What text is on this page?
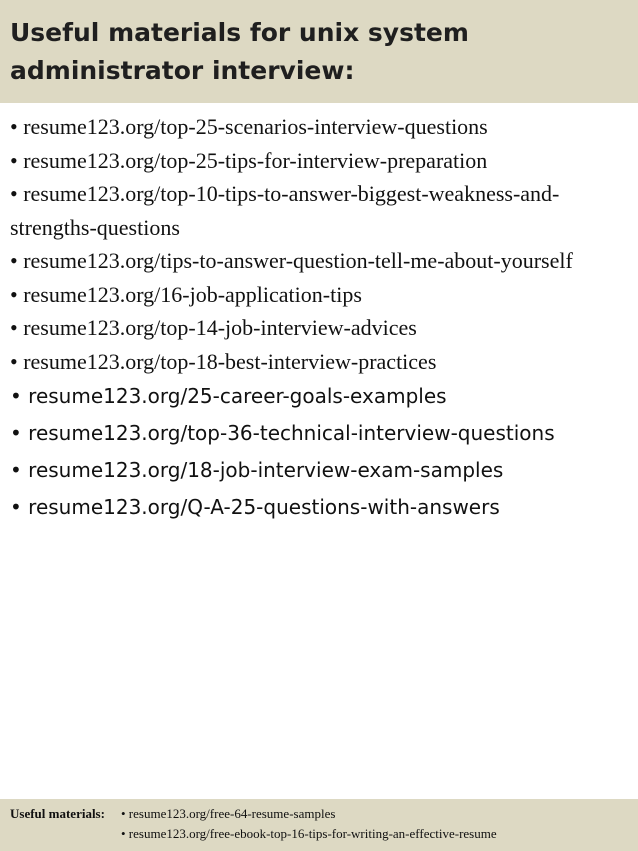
Useful materials for unix system
administrator interview:
• resume123.org/top-25-scenarios-interview-questions
• resume123.org/top-25-tips-for-interview-preparation
• resume123.org/top-10-tips-to-answer-biggest-weakness-and-strengths-questions
• resume123.org/tips-to-answer-question-tell-me-about-yourself
• resume123.org/16-job-application-tips
• resume123.org/top-14-job-interview-advices
• resume123.org/top-18-best-interview-practices
• resume123.org/25-career-goals-examples
• resume123.org/top-36-technical-interview-questions
• resume123.org/18-job-interview-exam-samples
• resume123.org/Q-A-25-questions-with-answers
Useful materials:	• resume123.org/free-64-resume-samples
• resume123.org/free-ebook-top-16-tips-for-writing-an-effective-resume
